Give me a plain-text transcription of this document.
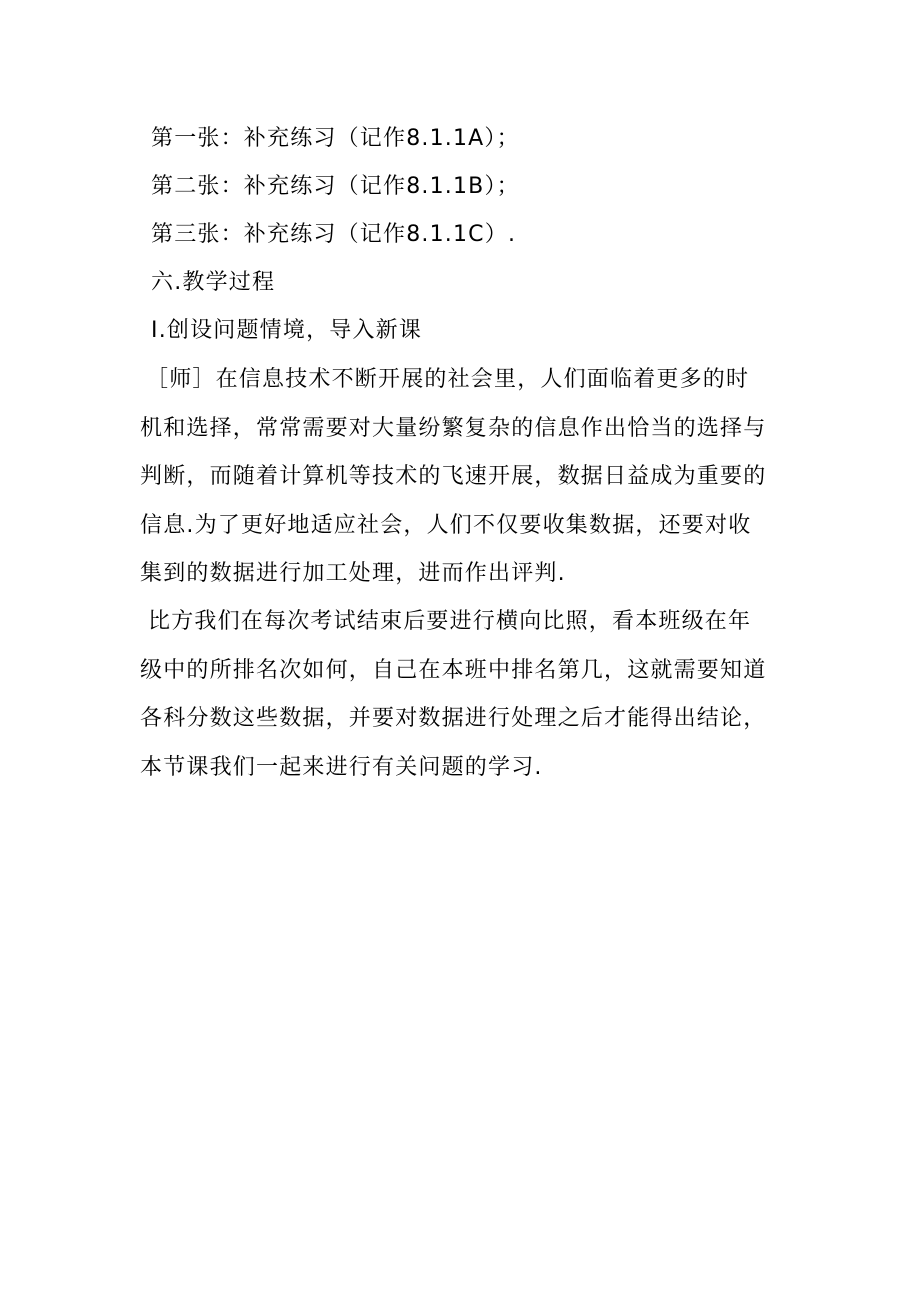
第一张：补充练习（记作8.1.1A）；
第二张：补充练习（记作8.1.1B）；
第三张：补充练习（记作8.1.1C）.
六.教学过程
Ⅰ.创设问题情境，导入新课
［师］在信息技术不断开展的社会里，人们面临着更多的时
机和选择，常常需要对大量纷繁复杂的信息作出恰当的选择与
判断，而随着计算机等技术的飞速开展，数据日益成为重要的
信息.为了更好地适应社会，人们不仅要收集数据，还要对收
集到的数据进行加工处理，进而作出评判.
比方我们在每次考试结束后要进行横向比照，看本班级在年
级中的所排名次如何，自己在本班中排名第几，这就需要知道
各科分数这些数据，并要对数据进行处理之后才能得出结论，
本节课我们一起来进行有关问题的学习.
